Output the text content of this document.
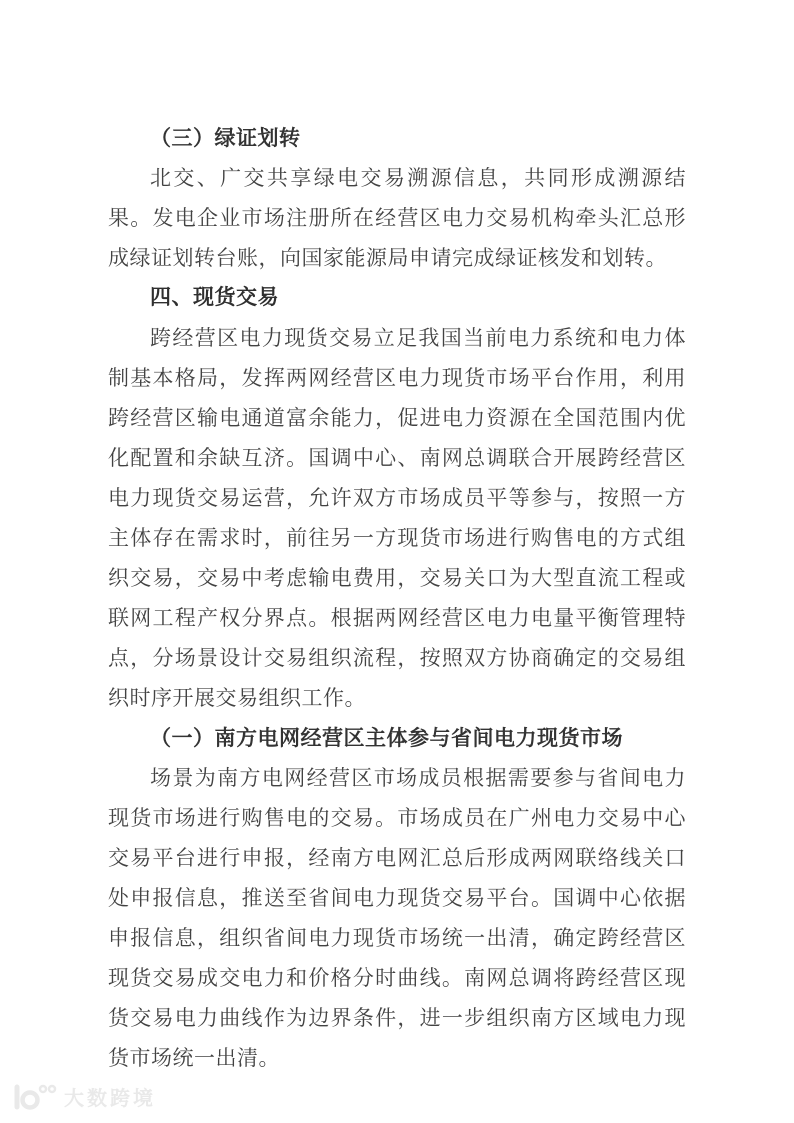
（三）绿证划转

北交、广交共享绿电交易溯源信息，共同形成溯源结果。发电企业市场注册所在经营区电力交易机构牵头汇总形成绿证划转台账，向国家能源局申请完成绿证核发和划转。

四、现货交易

跨经营区电力现货交易立足我国当前电力系统和电力体制基本格局，发挥两网经营区电力现货市场平台作用，利用跨经营区输电通道富余能力，促进电力资源在全国范围内优化配置和余缺互济。国调中心、南网总调联合开展跨经营区电力现货交易运营，允许双方市场成员平等参与，按照一方主体存在需求时，前往另一方现货市场进行购售电的方式组织交易，交易中考虑输电费用，交易关口为大型直流工程或联网工程产权分界点。根据两网经营区电力电量平衡管理特点，分场景设计交易组织流程，按照双方协商确定的交易组织时序开展交易组织工作。

（一）南方电网经营区主体参与省间电力现货市场

场景为南方电网经营区市场成员根据需要参与省间电力现货市场进行购售电的交易。市场成员在广州电力交易中心交易平台进行申报，经南方电网汇总后形成两网联络线关口处申报信息，推送至省间电力现货交易平台。国调中心依据申报信息，组织省间电力现货市场统一出清，确定跨经营区现货交易成交电力和价格分时曲线。南网总调将跨经营区现货交易电力曲线作为边界条件，进一步组织南方区域电力现货市场统一出清。

大数跨境
